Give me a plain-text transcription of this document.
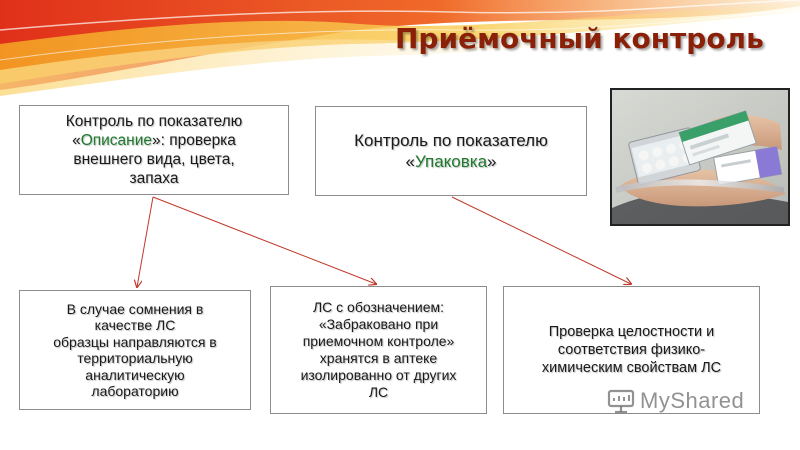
Приёмочный контроль
Контроль по показателю
«Описание»: проверка
внешнего вида, цвета,
запаха
Контроль по показателю
«Упаковка»
В случае сомнения в
качестве ЛС
образцы направляются в
территориальную
аналитическую
лабораторию
ЛС с обозначением:
«Забраковано при
приемочном контроле»
хранятся в аптеке
изолированно от других
ЛС
Проверка целостности и
соответствия физико-
химическим свойствам ЛС
MyShared
